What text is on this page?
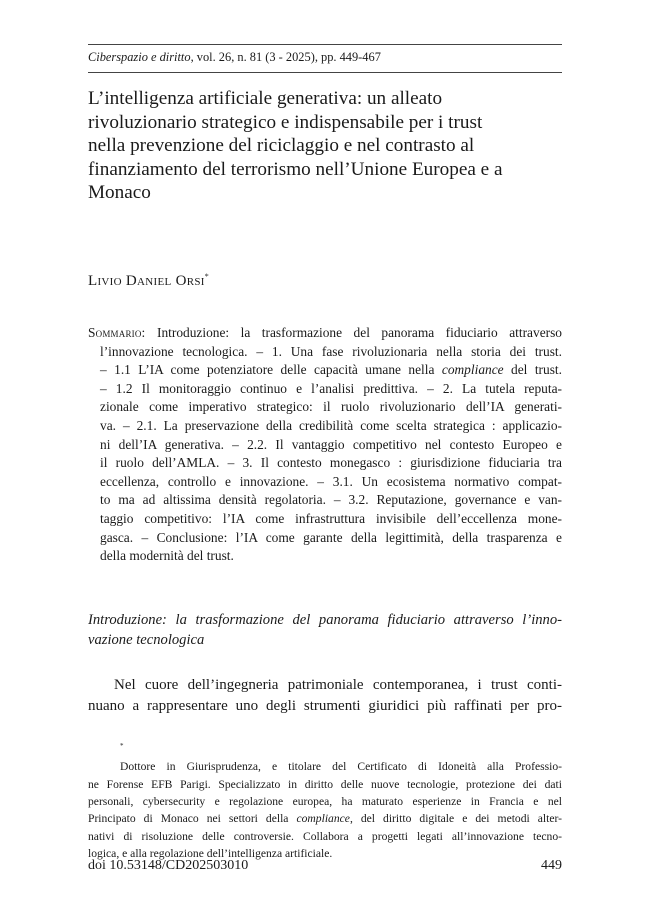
Ciberspazio e diritto, vol. 26, n. 81 (3 - 2025), pp. 449-467
L’intelligenza artificiale generativa: un alleato
rivoluzionario strategico e indispensabile per i trust
nella prevenzione del riciclaggio e nel contrasto al
finanziamento del terrorismo nell’Unione Europea e a
Monaco
Livio Daniel Orsi*
Sommario: Introduzione: la trasformazione del panorama fiduciario attraverso
l’innovazione tecnologica. – 1. Una fase rivoluzionaria nella storia dei trust.
– 1.1 L’IA come potenziatore delle capacità umane nella compliance del trust.
– 1.2 Il monitoraggio continuo e l’analisi predittiva. – 2. La tutela reputa-
zionale come imperativo strategico: il ruolo rivoluzionario dell’IA generati-
va. – 2.1. La preservazione della credibilità come scelta strategica : applicazio-
ni dell’IA generativa. – 2.2. Il vantaggio competitivo nel contesto Europeo e
il ruolo dell’AMLA. – 3. Il contesto monegasco : giurisdizione fiduciaria tra
eccellenza, controllo e innovazione. – 3.1. Un ecosistema normativo compat-
to ma ad altissima densità regolatoria. – 3.2. Reputazione, governance e van-
taggio competitivo: l’IA come infrastruttura invisibile dell’eccellenza mone-
gasca. – Conclusione: l’IA come garante della legittimità, della trasparenza e
della modernità del trust.
Introduzione: la trasformazione del panorama fiduciario attraverso l’inno-
vazione tecnologica
Nel cuore dell’ingegneria patrimoniale contemporanea, i trust conti-
nuano a rappresentare uno degli strumenti giuridici più raffinati per pro-
*
Dottore in Giurisprudenza, e titolare del Certificato di Idoneità alla Professio-
ne Forense EFB Parigi. Specializzato in diritto delle nuove tecnologie, protezione dei dati
personali, cybersecurity e regolazione europea, ha maturato esperienze in Francia e nel
Principato di Monaco nei settori della compliance, del diritto digitale e dei metodi alter-
nativi di risoluzione delle controversie. Collabora a progetti legati all’innovazione tecno-
logica, e alla regolazione dell’intelligenza artificiale.
doi 10.53148/CD202503010	449
